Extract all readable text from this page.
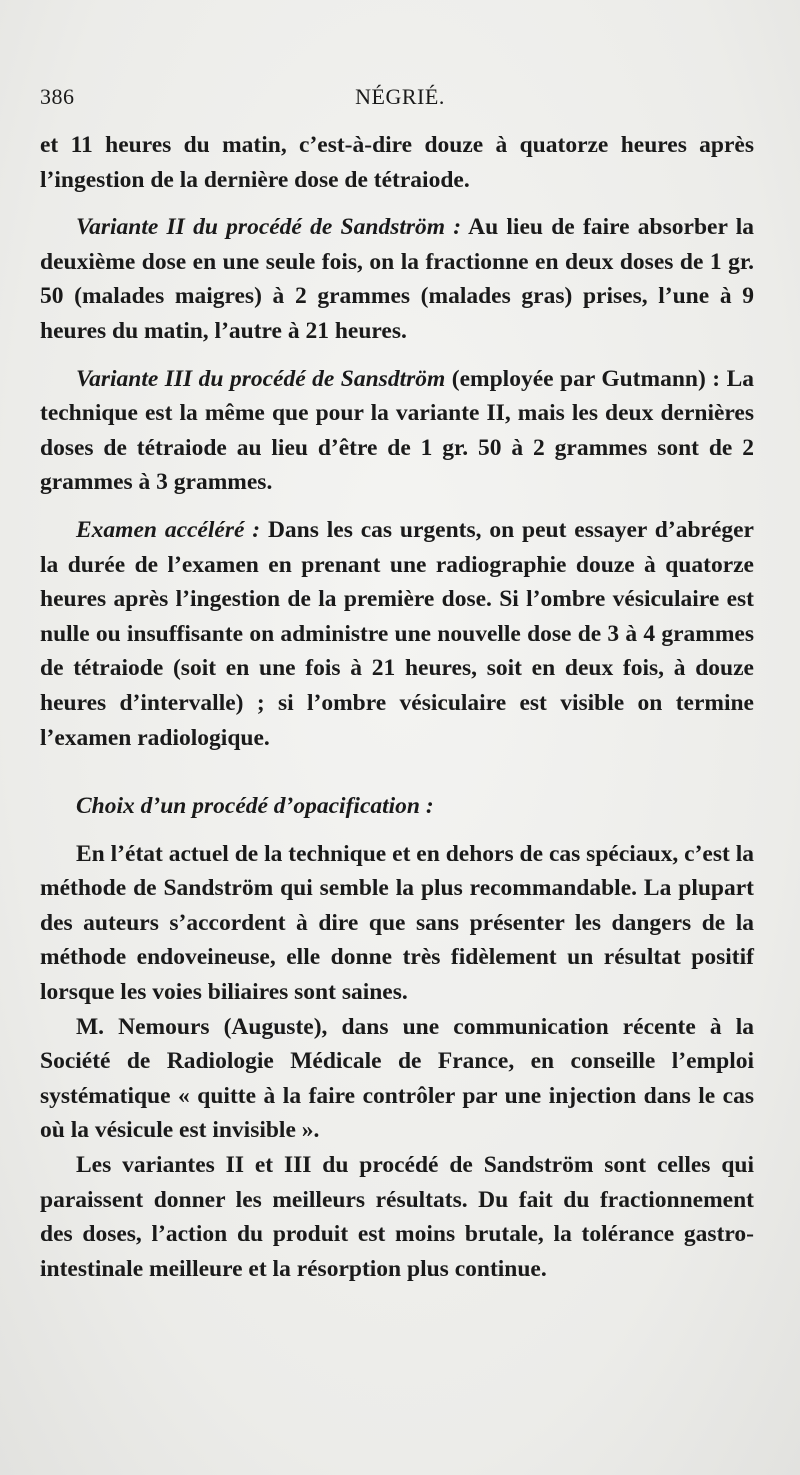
386	NÉGRIÉ.

et 11 heures du matin, c’est-à-dire douze à quatorze heures après l’ingestion de la dernière dose de tétraiode.

Variante II du procédé de Sandström : Au lieu de faire absorber la deuxième dose en une seule fois, on la fractionne en deux doses de 1 gr. 50 (malades maigres) à 2 grammes (malades gras) prises, l’une à 9 heures du matin, l’autre à 21 heures.

Variante III du procédé de Sansdtröm (employée par Gutmann) : La technique est la même que pour la variante II, mais les deux dernières doses de tétraiode au lieu d’être de 1 gr. 50 à 2 grammes sont de 2 grammes à 3 grammes.

Examen accéléré : Dans les cas urgents, on peut essayer d’abréger la durée de l’examen en prenant une radiographie douze à quatorze heures après l’ingestion de la première dose. Si l’ombre vésiculaire est nulle ou insuffisante on administre une nouvelle dose de 3 à 4 grammes de tétraiode (soit en une fois à 21 heures, soit en deux fois, à douze heures d’intervalle) ; si l’ombre vésiculaire est visible on termine l’examen radiologique.

Choix d’un procédé d’opacification :

En l’état actuel de la technique et en dehors de cas spéciaux, c’est la méthode de Sandström qui semble la plus recommandable. La plupart des auteurs s’accordent à dire que sans présenter les dangers de la méthode endoveineuse, elle donne très fidèlement un résultat positif lorsque les voies biliaires sont saines.

M. Nemours (Auguste), dans une communication récente à la Société de Radiologie Médicale de France, en conseille l’emploi systématique « quitte à la faire contrôler par une injection dans le cas où la vésicule est invisible ».

Les variantes II et III du procédé de Sandström sont celles qui paraissent donner les meilleurs résultats. Du fait du fractionnement des doses, l’action du produit est moins brutale, la tolérance gastro-intestinale meilleure et la résorption plus continue.
